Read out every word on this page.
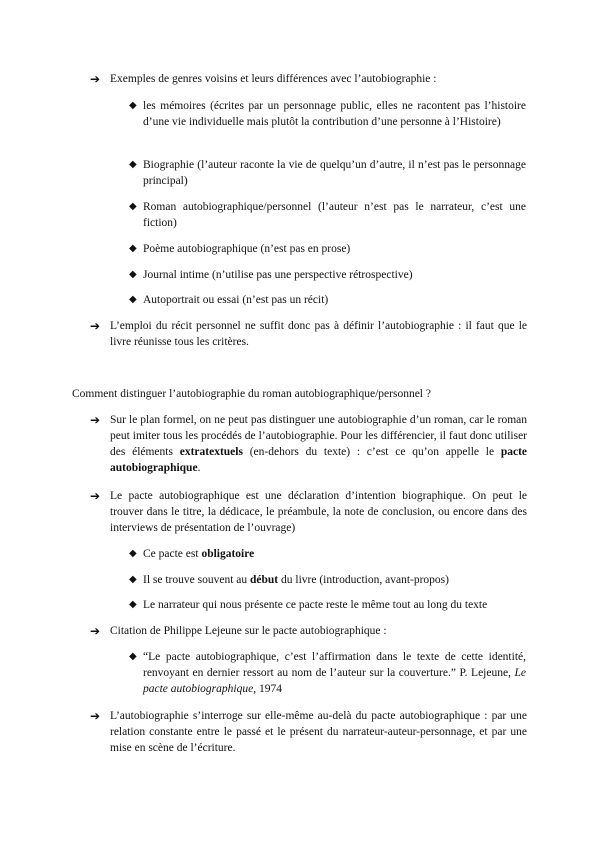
➔ Exemples de genres voisins et leurs différences avec l’autobiographie :
◆ les mémoires (écrites par un personnage public, elles ne racontent pas l’histoire d’une vie individuelle mais plutôt la contribution d’une personne à l’Histoire)
◆ Biographie (l’auteur raconte la vie de quelqu’un d’autre, il n’est pas le personnage principal)
◆ Roman autobiographique/personnel (l’auteur n’est pas le narrateur, c’est une fiction)
◆ Poème autobiographique (n’est pas en prose)
◆ Journal intime (n’utilise pas une perspective rétrospective)
◆ Autoportrait ou essai (n’est pas un récit)
➔ L’emploi du récit personnel ne suffit donc pas à définir l’autobiographie : il faut que le livre réunisse tous les critères.
Comment distinguer l’autobiographie du roman autobiographique/personnel ?
➔ Sur le plan formel, on ne peut pas distinguer une autobiographie d’un roman, car le roman peut imiter tous les procédés de l’autobiographie. Pour les différencier, il faut donc utiliser des éléments extratextuels (en-dehors du texte) : c’est ce qu’on appelle le pacte autobiographique.
➔ Le pacte autobiographique est une déclaration d’intention biographique. On peut le trouver dans le titre, la dédicace, le préambule, la note de conclusion, ou encore dans des interviews de présentation de l’ouvrage)
◆ Ce pacte est obligatoire
◆ Il se trouve souvent au début du livre (introduction, avant-propos)
◆ Le narrateur qui nous présente ce pacte reste le même tout au long du texte
➔ Citation de Philippe Lejeune sur le pacte autobiographique :
◆ “Le pacte autobiographique, c’est l’affirmation dans le texte de cette identité, renvoyant en dernier ressort au nom de l’auteur sur la couverture.” P. Lejeune, Le pacte autobiographique, 1974
➔ L’autobiographie s’interroge sur elle-même au-delà du pacte autobiographique : par une relation constante entre le passé et le présent du narrateur-auteur-personnage, et par une mise en scène de l’écriture.
